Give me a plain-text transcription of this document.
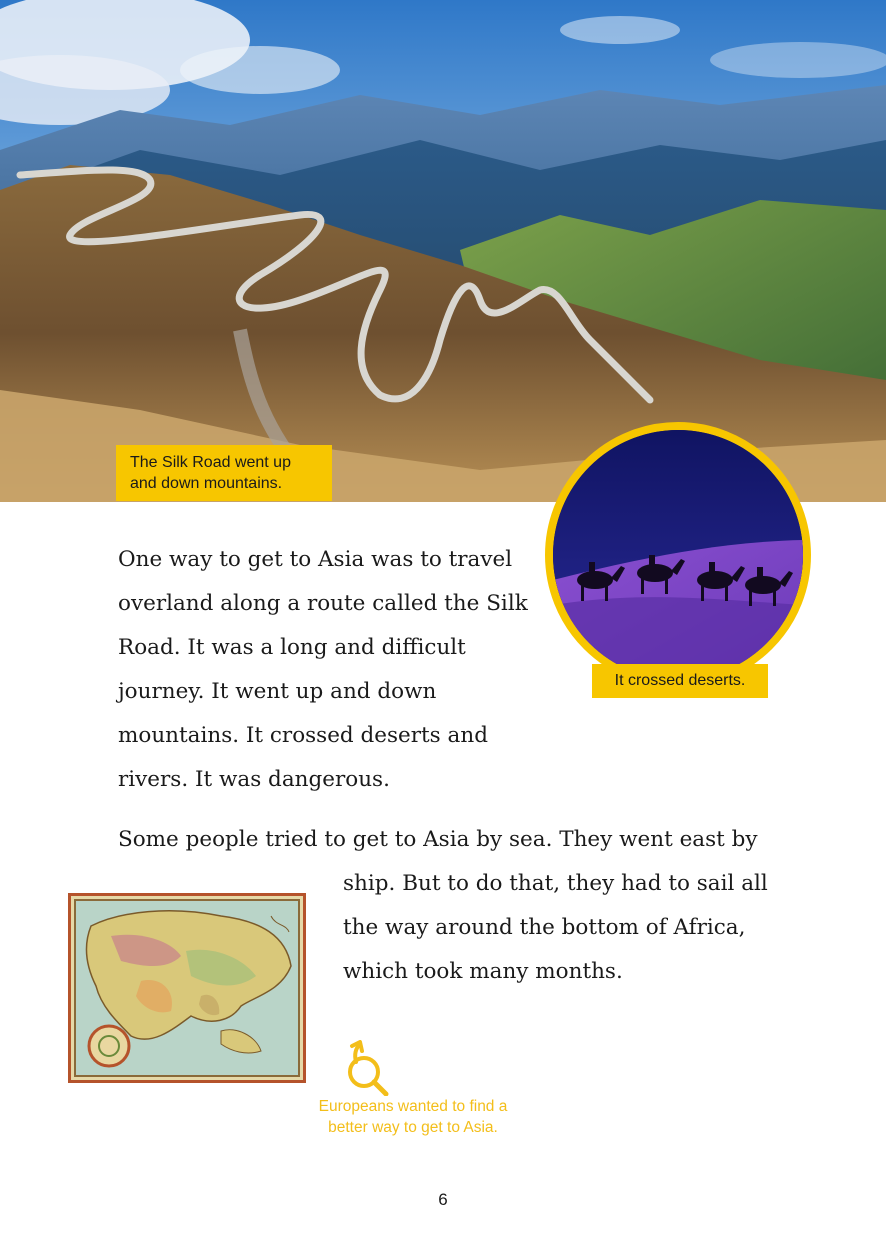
The Silk Road went up and down mountains.
It crossed deserts.

One way to get to Asia was to travel overland along a route called the Silk Road. It was a long and difficult journey. It went up and down mountains. It crossed deserts and rivers. It was dangerous.

Some people tried to get to Asia by sea. They went east by

ship. But to do that, they had to sail all the way around the bottom of Africa, which took many months.

Europeans wanted to find a better way to get to Asia.
6
